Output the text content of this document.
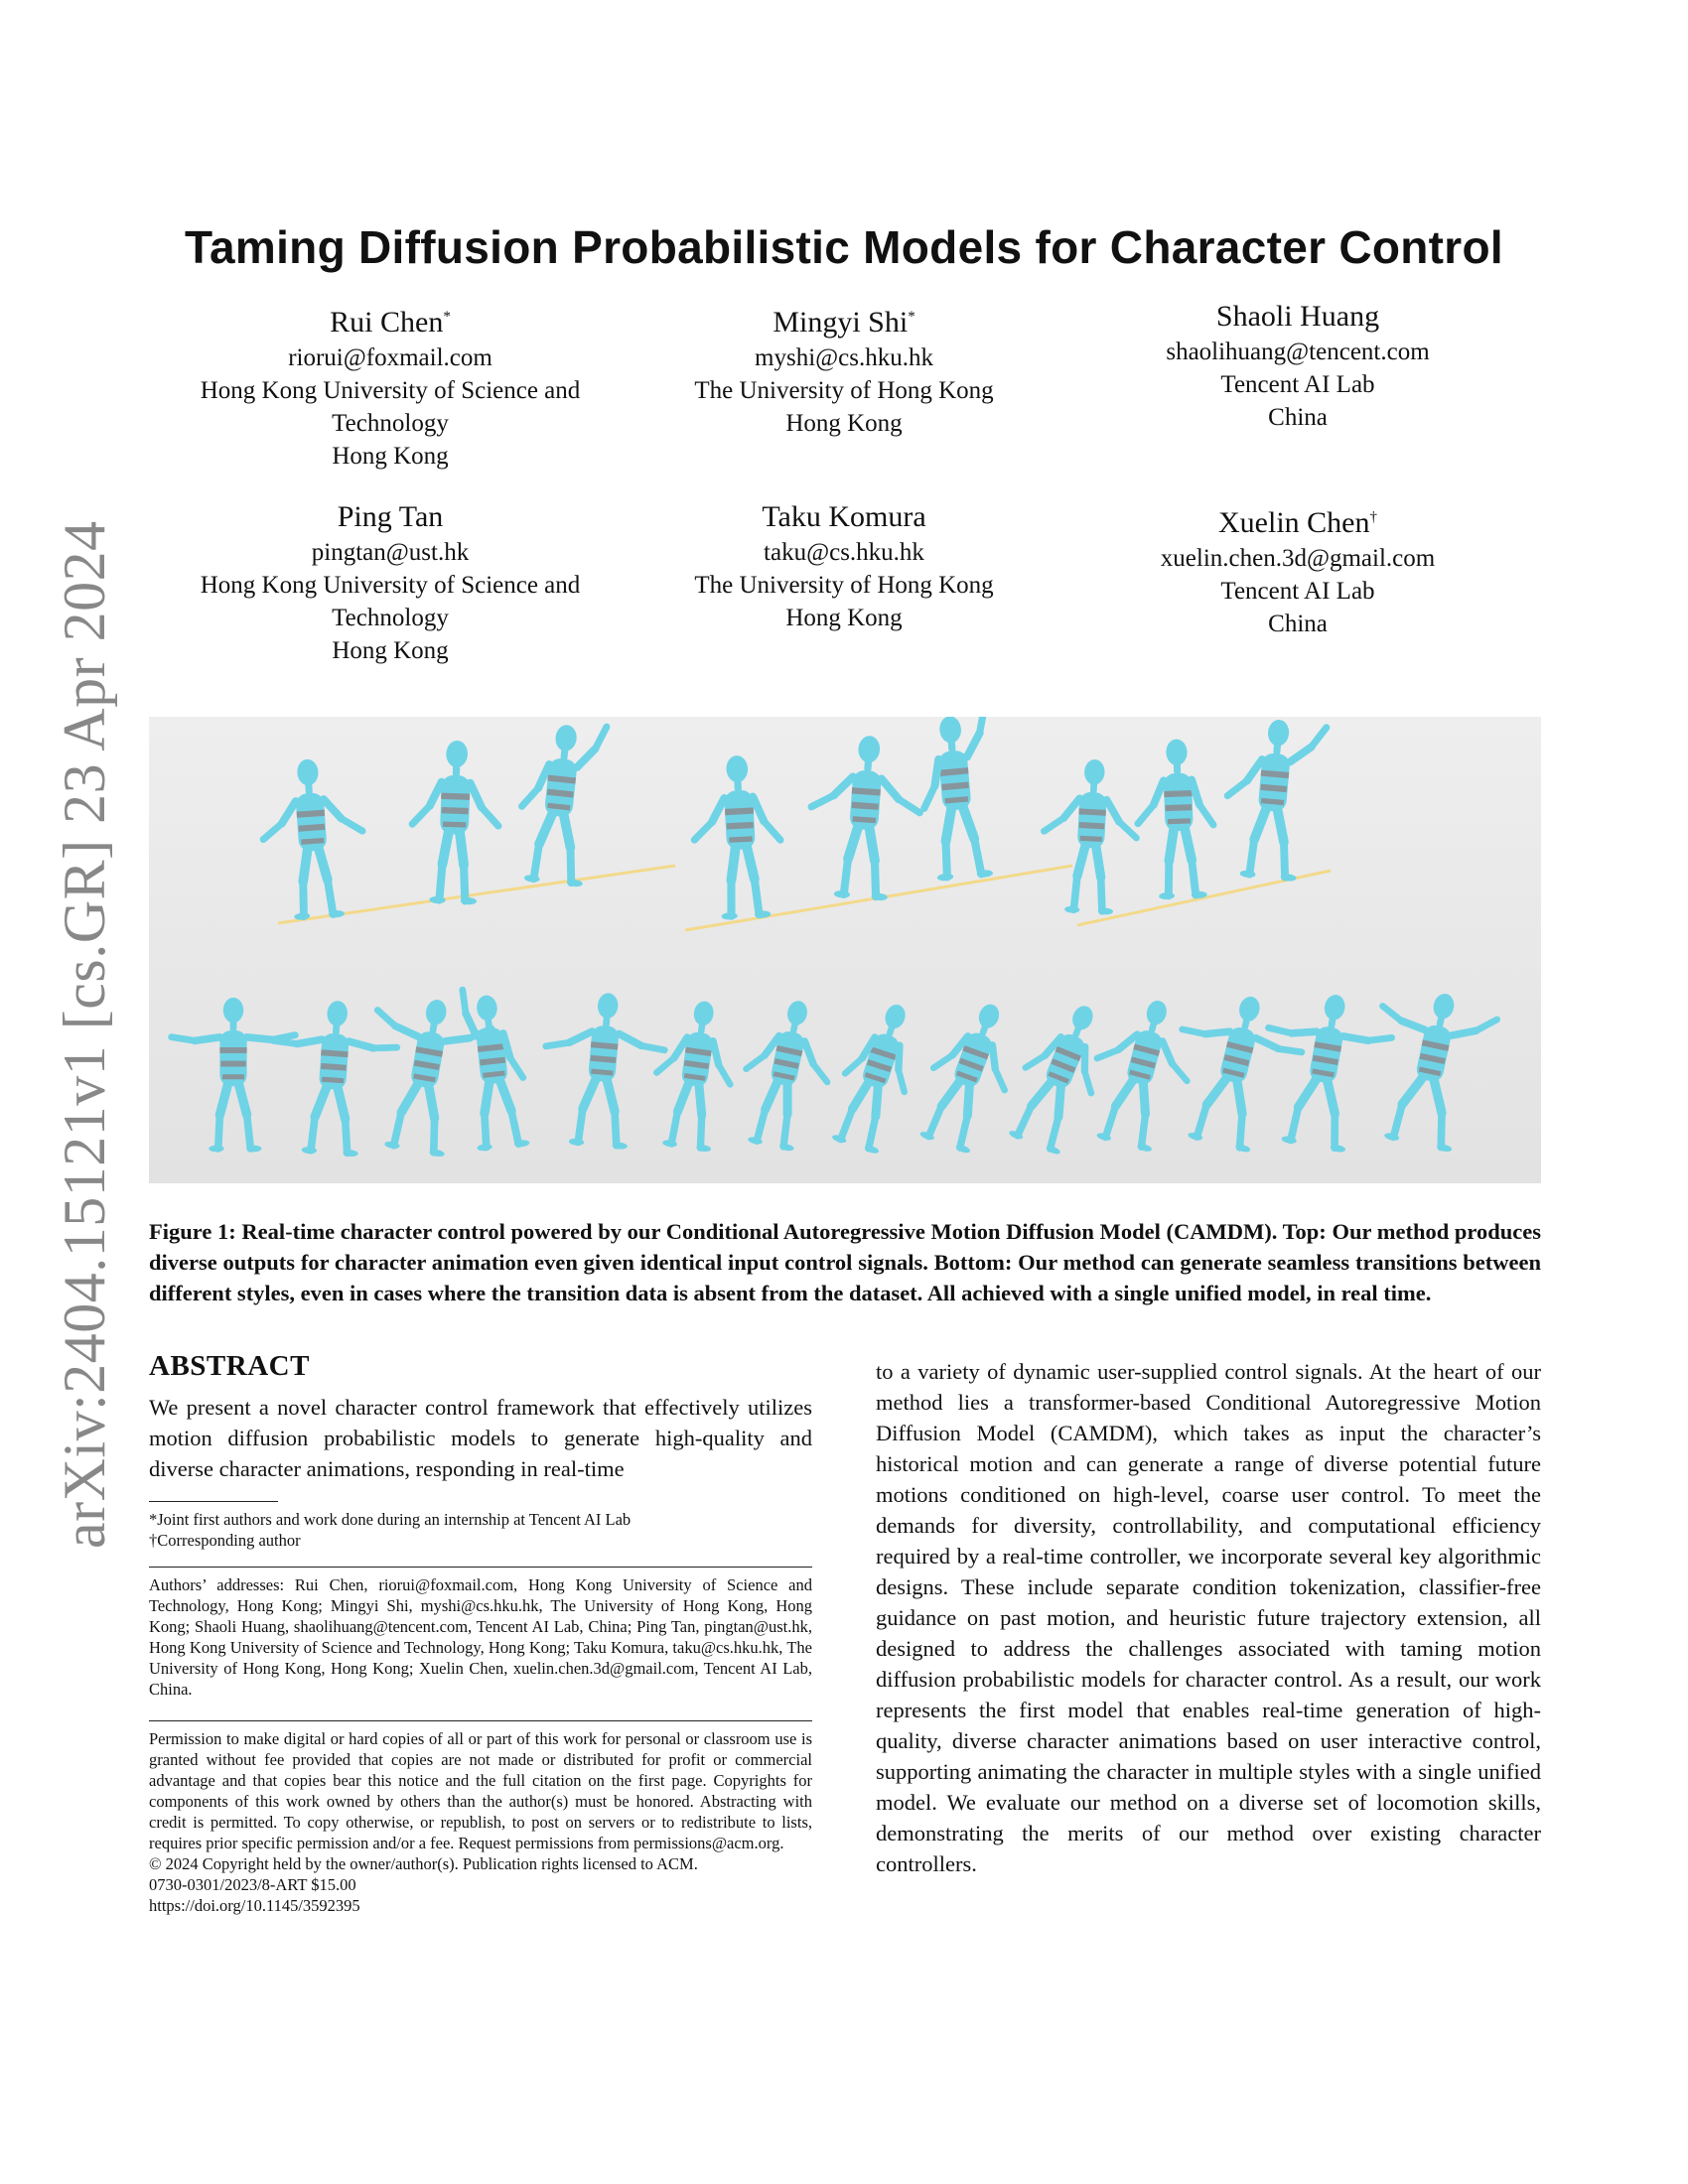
arXiv:2404.15121v1 [cs.GR] 23 Apr 2024
Taming Diffusion Probabilistic Models for Character Control
Rui Chen*
riorui@foxmail.com
Hong Kong University of Science and
Technology
Hong Kong
Mingyi Shi*
myshi@cs.hku.hk
The University of Hong Kong
Hong Kong
Shaoli Huang
shaolihuang@tencent.com
Tencent AI Lab
China
Ping Tan
pingtan@ust.hk
Hong Kong University of Science and
Technology
Hong Kong
Taku Komura
taku@cs.hku.hk
The University of Hong Kong
Hong Kong
Xuelin Chen†
xuelin.chen.3d@gmail.com
Tencent AI Lab
China
Figure 1: Real-time character control powered by our Conditional Autoregressive Motion Diffusion Model (CAMDM). Top: Our method produces diverse outputs for character animation even given identical input control signals. Bottom: Our method can generate seamless transitions between different styles, even in cases where the transition data is absent from the dataset. All achieved with a single unified model, in real time.
ABSTRACT
We present a novel character control framework that effectively utilizes motion diffusion probabilistic models to generate high-quality and diverse character animations, responding in real-time
to a variety of dynamic user-supplied control signals. At the heart of our method lies a transformer-based Conditional Autoregressive Motion Diffusion Model (CAMDM), which takes as input the character’s historical motion and can generate a range of diverse potential future motions conditioned on high-level, coarse user control. To meet the demands for diversity, controllability, and computational efficiency required by a real-time controller, we incorporate several key algorithmic designs. These include separate condition tokenization, classifier-free guidance on past motion, and heuristic future trajectory extension, all designed to address the challenges associated with taming motion diffusion probabilistic models for character control. As a result, our work represents the first model that enables real-time generation of high-quality, diverse character animations based on user interactive control, supporting animating the character in multiple styles with a single unified model. We evaluate our method on a diverse set of locomotion skills, demonstrating the merits of our method over existing character controllers.

*Joint first authors and work done during an internship at Tencent AI Lab

†Corresponding author

Authors’ addresses: Rui Chen, riorui@foxmail.com, Hong Kong University of Science and Technology, Hong Kong; Mingyi Shi, myshi@cs.hku.hk, The University of Hong Kong, Hong Kong; Shaoli Huang, shaolihuang@tencent.com, Tencent AI Lab, China; Ping Tan, pingtan@ust.hk, Hong Kong University of Science and Technology, Hong Kong; Taku Komura, taku@cs.hku.hk, The University of Hong Kong, Hong Kong; Xuelin Chen, xuelin.chen.3d@gmail.com, Tencent AI Lab, China.

Permission to make digital or hard copies of all or part of this work for personal or classroom use is granted without fee provided that copies are not made or distributed for profit or commercial advantage and that copies bear this notice and the full citation on the first page. Copyrights for components of this work owned by others than the author(s) must be honored. Abstracting with credit is permitted. To copy otherwise, or republish, to post on servers or to redistribute to lists, requires prior specific permission and/or a fee. Request permissions from permissions@acm.org.

© 2024 Copyright held by the owner/author(s). Publication rights licensed to ACM.

0730-0301/2023/8-ART $15.00

https://doi.org/10.1145/3592395
